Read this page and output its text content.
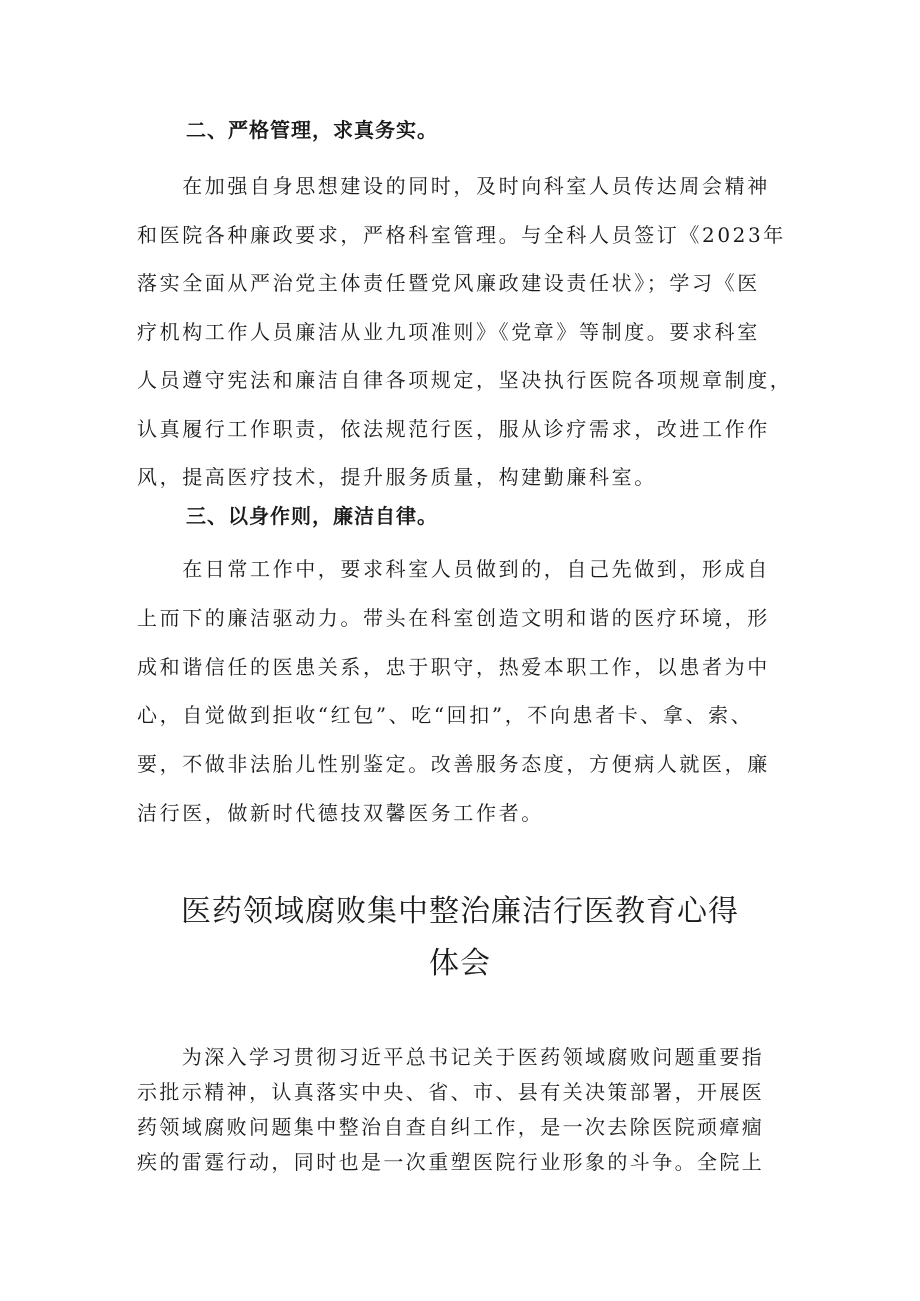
二、严格管理，求真务实。
　　在加强自身思想建设的同时，及时向科室人员传达周会精神
和医院各种廉政要求，严格科室管理。与全科人员签订《2023年
落实全面从严治党主体责任暨党风廉政建设责任状》；学习《医
疗机构工作人员廉洁从业九项准则》《党章》等制度。要求科室
人员遵守宪法和廉洁自律各项规定，坚决执行医院各项规章制度，
认真履行工作职责，依法规范行医，服从诊疗需求，改进工作作
风，提高医疗技术，提升服务质量，构建勤廉科室。
三、以身作则，廉洁自律。
　　在日常工作中，要求科室人员做到的，自己先做到，形成自
上而下的廉洁驱动力。带头在科室创造文明和谐的医疗环境，形
成和谐信任的医患关系，忠于职守，热爱本职工作，以患者为中
心，自觉做到拒收“红包”、吃“回扣”，不向患者卡、拿、索、
要，不做非法胎儿性别鉴定。改善服务态度，方便病人就医，廉
洁行医，做新时代德技双馨医务工作者。
医药领域腐败集中整治廉洁行医教育心得
体会
　　为深入学习贯彻习近平总书记关于医药领域腐败问题重要指
示批示精神，认真落实中央、省、市、县有关决策部署，开展医
药领域腐败问题集中整治自查自纠工作，是一次去除医院顽瘴痼
疾的雷霆行动，同时也是一次重塑医院行业形象的斗争。全院上
